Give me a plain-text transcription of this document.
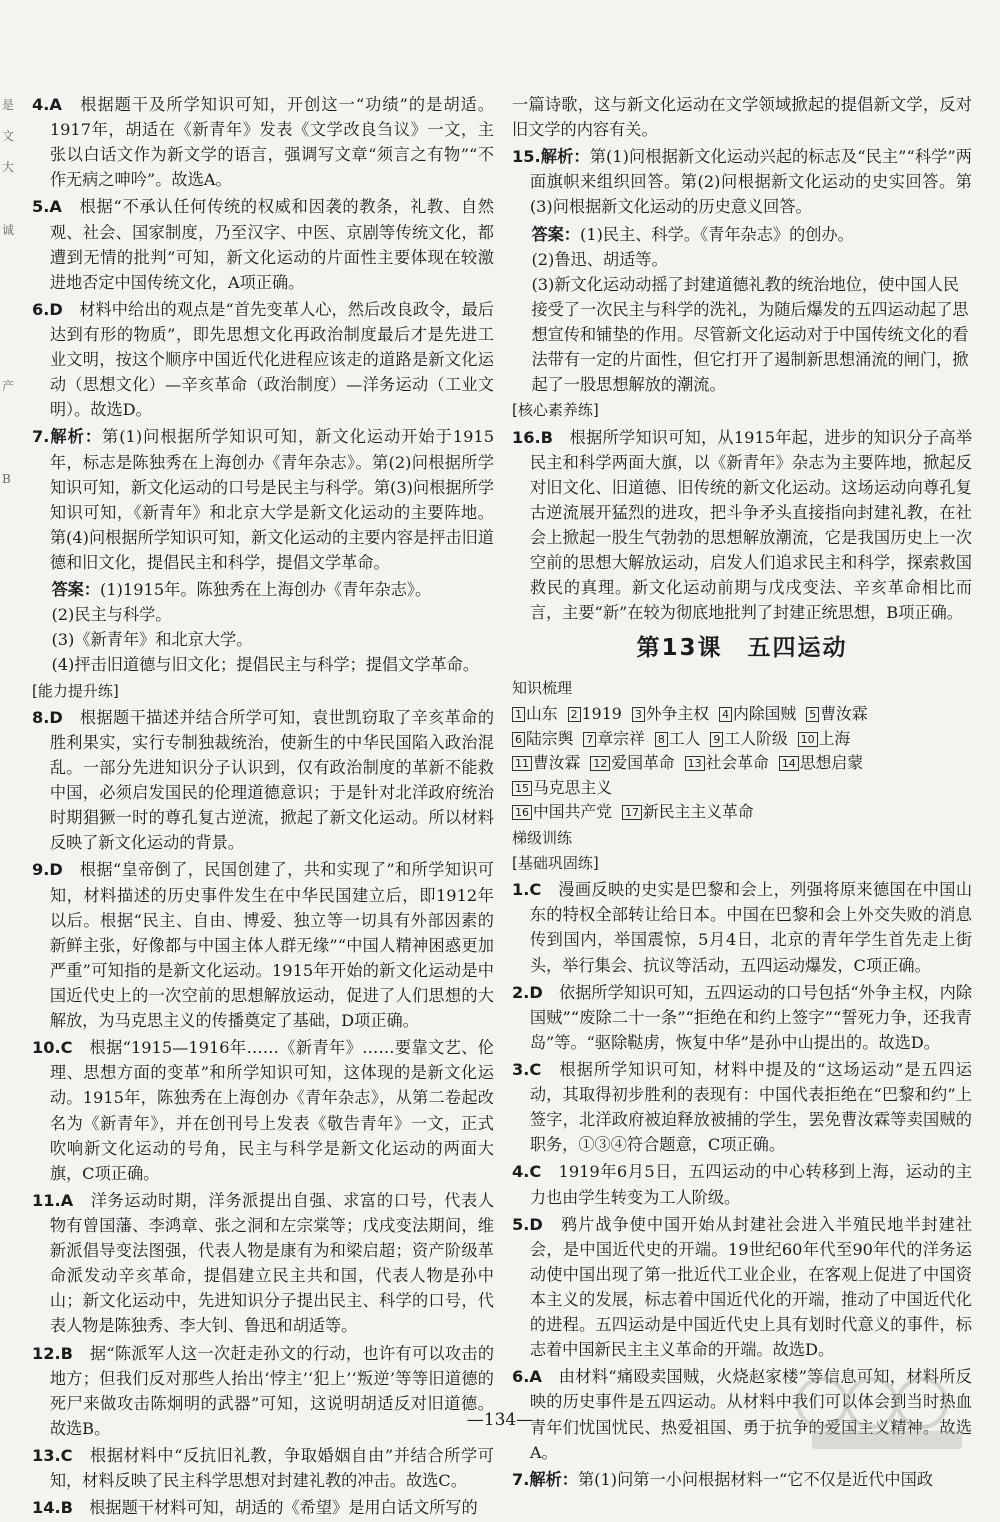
是
文
大

诚

产

B

4.A　 根据题干及所学知识可知，开创这一“功绩”的是胡适。1917年，胡适在《新青年》发表《文学改良刍议》一文，主张以白话文作为新文学的语言，强调写文章“须言之有物”“不作无病之呻吟”。故选A。

5.A　 根据“不承认任何传统的权威和因袭的教条，礼教、自然观、社会、国家制度，乃至汉字、中医、京剧等传统文化，都遭到无情的批判”可知，新文化运动的片面性主要体现在较激进地否定中国传统文化，A项正确。

6.D　 材料中给出的观点是“首先变革人心，然后改良政令，最后达到有形的物质”，即先思想文化再政治制度最后才是先进工业文明，按这个顺序中国近代化进程应该走的道路是新文化运动（思想文化）—辛亥革命（政治制度）—洋务运动（工业文明）。故选D。

7.解析：第(1)问根据所学知识可知，新文化运动开始于1915年，标志是陈独秀在上海创办《青年杂志》。第(2)问根据所学知识可知，新文化运动的口号是民主与科学。第(3)问根据所学知识可知，《新青年》和北京大学是新文化运动的主要阵地。第(4)问根据所学知识可知，新文化运动的主要内容是抨击旧道德和旧文化，提倡民主和科学，提倡文学革命。

答案：(1)1915年。陈独秀在上海创办《青年杂志》。

(2)民主与科学。

(3)《新青年》和北京大学。

(4)抨击旧道德与旧文化；提倡民主与科学；提倡文学革命。

[能力提升练]

8.D　 根据题干描述并结合所学可知，袁世凯窃取了辛亥革命的胜利果实，实行专制独裁统治，使新生的中华民国陷入政治混乱。一部分先进知识分子认识到，仅有政治制度的革新不能救中国，必须启发国民的伦理道德意识；于是针对北洋政府统治时期猖獗一时的尊孔复古逆流，掀起了新文化运动。所以材料反映了新文化运动的背景。

9.D　 根据“皇帝倒了，民国创建了，共和实现了”和所学知识可知，材料描述的历史事件发生在中华民国建立后，即1912年以后。根据“民主、自由、博爱、独立等一切具有外部因素的新鲜主张，好像都与中国主体人群无缘”“中国人精神困惑更加严重”可知指的是新文化运动。1915年开始的新文化运动是中国近代史上的一次空前的思想解放运动，促进了人们思想的大解放，为马克思主义的传播奠定了基础，D项正确。

10.C　 根据“1915—1916年……《新青年》……要靠文艺、伦理、思想方面的变革”和所学知识可知，这体现的是新文化运动。1915年，陈独秀在上海创办《青年杂志》，从第二卷起改名为《新青年》，并在创刊号上发表《敬告青年》一文，正式吹响新文化运动的号角，民主与科学是新文化运动的两面大旗，C项正确。

11.A　 洋务运动时期，洋务派提出自强、求富的口号，代表人物有曾国藩、李鸿章、张之洞和左宗棠等；戊戌变法期间，维新派倡导变法图强，代表人物是康有为和梁启超；资产阶级革命派发动辛亥革命，提倡建立民主共和国，代表人物是孙中山；新文化运动中，先进知识分子提出民主、科学的口号，代表人物是陈独秀、李大钊、鲁迅和胡适等。

12.B　 据“陈派军人这一次赶走孙文的行动，也许有可以攻击的地方；但我们反对那些人抬出‘悖主’‘犯上’‘叛逆’等等旧道德的死尸来做攻击陈炯明的武器”可知，这说明胡适反对旧道德。故选B。

13.C　 根据材料中“反抗旧礼教，争取婚姻自由”并结合所学可知，材料反映了民主科学思想对封建礼教的冲击。故选C。

14.B　 根据题干材料可知，胡适的《希望》是用白话文所写的

一篇诗歌，这与新文化运动在文学领域掀起的提倡新文学，反对旧文学的内容有关。

15.解析：第(1)问根据新文化运动兴起的标志及“民主”“科学”两面旗帜来组织回答。第(2)问根据新文化运动的史实回答。第(3)问根据新文化运动的历史意义回答。

答案：(1)民主、科学。《青年杂志》的创办。

(2)鲁迅、胡适等。

(3)新文化运动动摇了封建道德礼教的统治地位，使中国人民接受了一次民主与科学的洗礼，为随后爆发的五四运动起了思想宣传和铺垫的作用。尽管新文化运动对于中国传统文化的看法带有一定的片面性，但它打开了遏制新思想涌流的闸门，掀起了一股思想解放的潮流。

[核心素养练]

16.B　 根据所学知识可知，从1915年起，进步的知识分子高举民主和科学两面大旗，以《新青年》杂志为主要阵地，掀起反对旧文化、旧道德、旧传统的新文化运动。这场运动向尊孔复古逆流展开猛烈的进攻，把斗争矛头直接指向封建礼教，在社会上掀起一股生气勃勃的思想解放潮流，它是我国历史上一次空前的思想大解放运动，启发人们追求民主和科学，探索救国救民的真理。新文化运动前期与戊戌变法、辛亥革命相比而言，主要“新”在较为彻底地批判了封建正统思想，B项正确。

第13课　五四运动
知识梳理
1 山东 2 1919 3 外争主权 4 内除国贼 5 曹汝霖
6 陆宗舆 7 章宗祥 8 工人 9 工人阶级 10 上海
11 曹汝霖 12 爱国革命 13 社会革命 14 思想启蒙15 马克思主义
16 中国共产党 17 新民主主义革命
梯级训练
[基础巩固练]

1.C　 漫画反映的史实是巴黎和会上，列强将原来德国在中国山东的特权全部转让给日本。中国在巴黎和会上外交失败的消息传到国内，举国震惊，5月4日，北京的青年学生首先走上街头，举行集会、抗议等活动，五四运动爆发，C项正确。

2.D　 依据所学知识可知，五四运动的口号包括“外争主权，内除国贼”“废除二十一条”“拒绝在和约上签字”“誓死力争，还我青岛”等。“驱除鞑虏，恢复中华”是孙中山提出的。故选D。

3.C　 根据所学知识可知，材料中提及的“这场运动”是五四运动，其取得初步胜利的表现有：中国代表拒绝在“巴黎和约”上签字，北洋政府被迫释放被捕的学生，罢免曹汝霖等卖国贼的职务，①③④符合题意，C项正确。

4.C　 1919年6月5日，五四运动的中心转移到上海，运动的主力也由学生转变为工人阶级。

5.D　 鸦片战争使中国开始从封建社会进入半殖民地半封建社会，是中国近代史的开端。19世纪60年代至90年代的洋务运动使中国出现了第一批近代工业企业，在客观上促进了中国资本主义的发展，标志着中国近代化的开端，推动了中国近代化的进程。五四运动是中国近代史上具有划时代意义的事件，标志着中国新民主主义革命的开端。故选D。

6.A　 由材料“痛殴卖国贼，火烧赵家楼”等信息可知，材料所反映的历史事件是五四运动。从材料中我们可以体会到当时热血青年们忧国忧民、热爱祖国、勇于抗争的爱国主义精神。故选A。

7.解析：第(1)问第一小问根据材料一“它不仅是近代中国政

—134—
